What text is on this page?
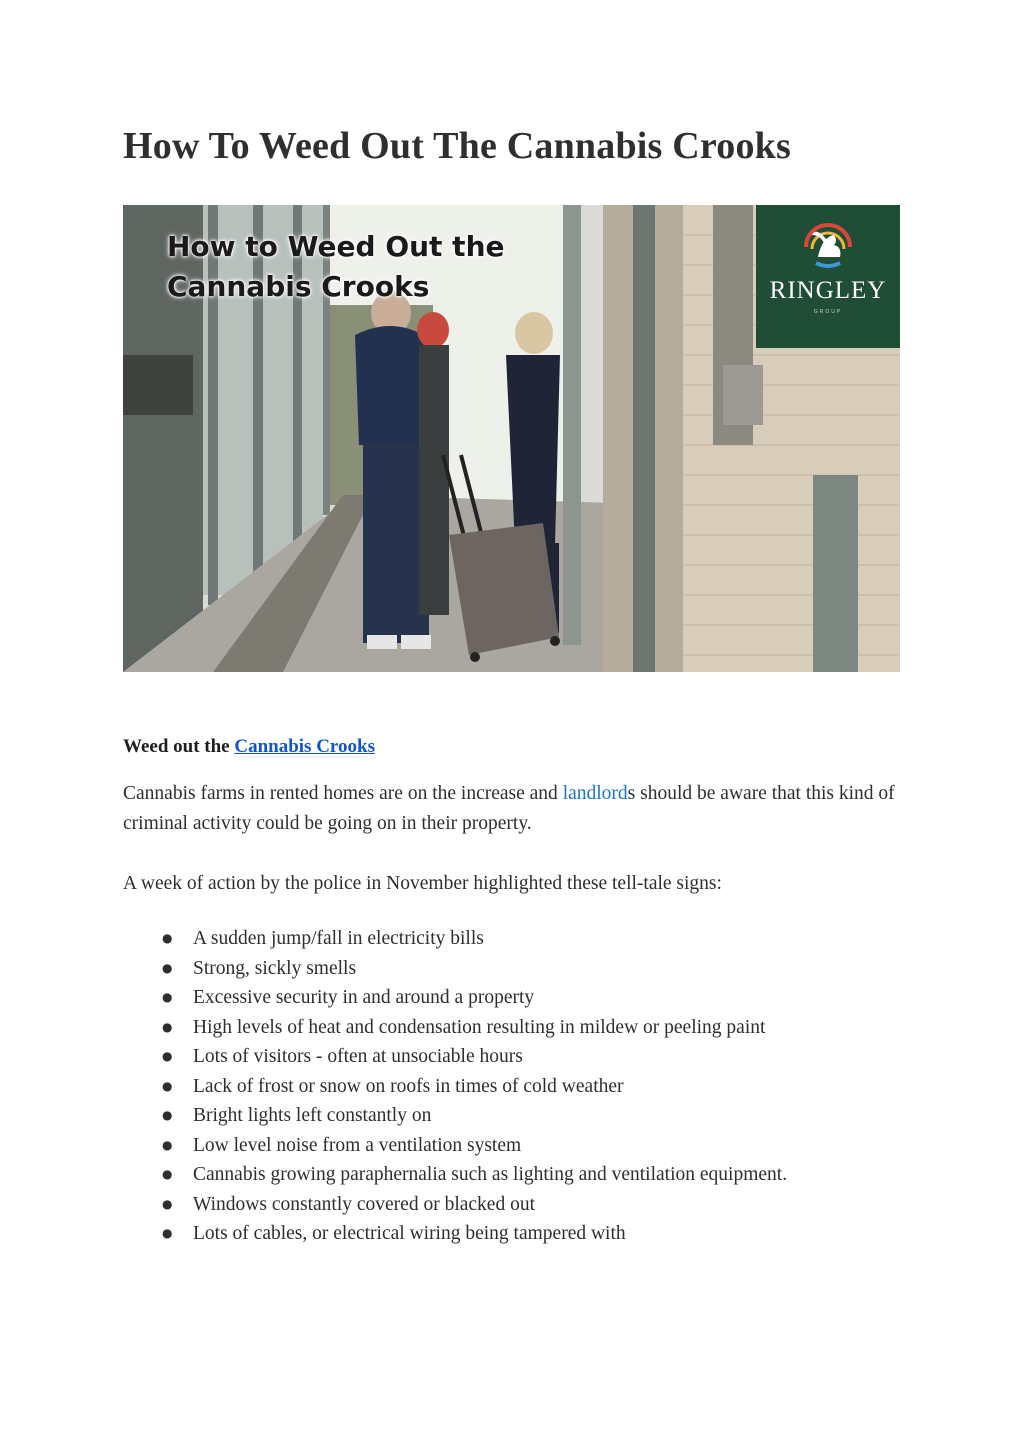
How To Weed Out The Cannabis Crooks
How to Weed Out the
Cannabis Crooks	RINGLEY
GROUP
Weed out the Cannabis Crooks

Cannabis farms in rented homes are on the increase and landlords should be aware that this kind of criminal activity could be going on in their property.

A week of action by the police in November highlighted these tell-tale signs:

● A sudden jump/fall in electricity bills
● Strong, sickly smells
● Excessive security in and around a property
● High levels of heat and condensation resulting in mildew or peeling paint
● Lots of visitors - often at unsociable hours
● Lack of frost or snow on roofs in times of cold weather
● Bright lights left constantly on
● Low level noise from a ventilation system
● Cannabis growing paraphernalia such as lighting and ventilation equipment.
● Windows constantly covered or blacked out
● Lots of cables, or electrical wiring being tampered with
